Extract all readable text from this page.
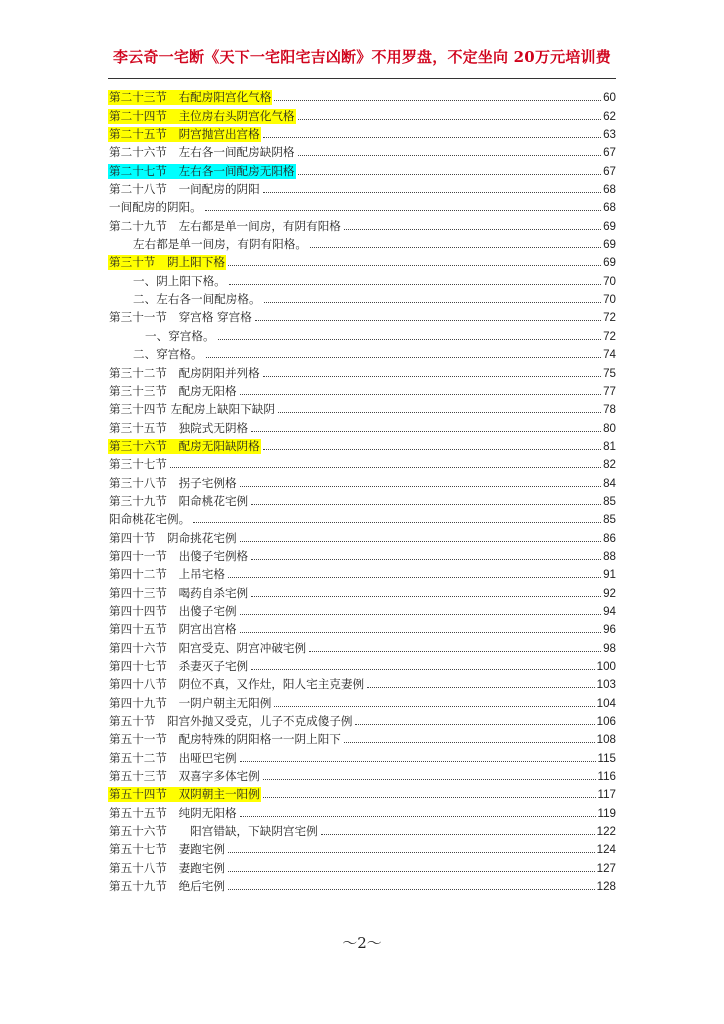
李云奇一宅断《天下一宅阳宅吉凶断》不用罗盘，不定坐向 20万元培训费
第二十三节　右配房阳宫化气格	60
第二十四节　主位房右头阴宫化气格	62
第二十五节　阴宫抛宫出宫格	63
第二十六节　左右各一间配房缺阴格	67
第二十七节　左右各一间配房无阳格	67
第二十八节　一间配房的阴阳	68
一间配房的阴阳。	68
第二十九节　左右都是单一间房，有阴有阳格	69
左右都是单一间房，有阴有阳格。	69
第三十节　阴上阳下格	69
一、阴上阳下格。	70
二、左右各一间配房格。	70
第三十一节　穿宫格 穿宫格	72
一、穿宫格。	72
二、穿宫格。	74
第三十二节　配房阴阳并列格	75
第三十三节　配房无阳格	77
第三十四节 左配房上缺阳下缺阴	78
第三十五节　独院式无阴格	80
第三十六节　配房无阳缺阴格	81
第三十七节	82
第三十八节　拐子宅例格	84
第三十九节　阳命桃花宅例	85
阳命桃花宅例。	85
第四十节　阴命挑花宅例	86
第四十一节　出傻子宅例格	88
第四十二节　上吊宅格	91
第四十三节　喝药自杀宅例	92
第四十四节　出傻子宅例	94
第四十五节　阴宫出宫格	96
第四十六节　阳宫受克、阴宫冲破宅例	98
第四十七节　杀妻灭子宅例	100
第四十八节　阴位不真，又作灶，阳人宅主克妻例	103
第四十九节　一阴户朝主无阳例	104
第五十节　阳宫外抛又受克，儿子不克成傻子例	106
第五十一节　配房特殊的阴阳格一一阴上阳下	108
第五十二节　出哑巴宅例	115
第五十三节　双喜字多体宅例	116
第五十四节　双阴朝主一阳例	117
第五十五节　纯阴无阳格	119
第五十六节　　阳宫错缺，下缺阴宫宅例	122
第五十七节　妻跑宅例	124
第五十八节　妻跑宅例	127
第五十九节　绝后宅例	128
～2～
